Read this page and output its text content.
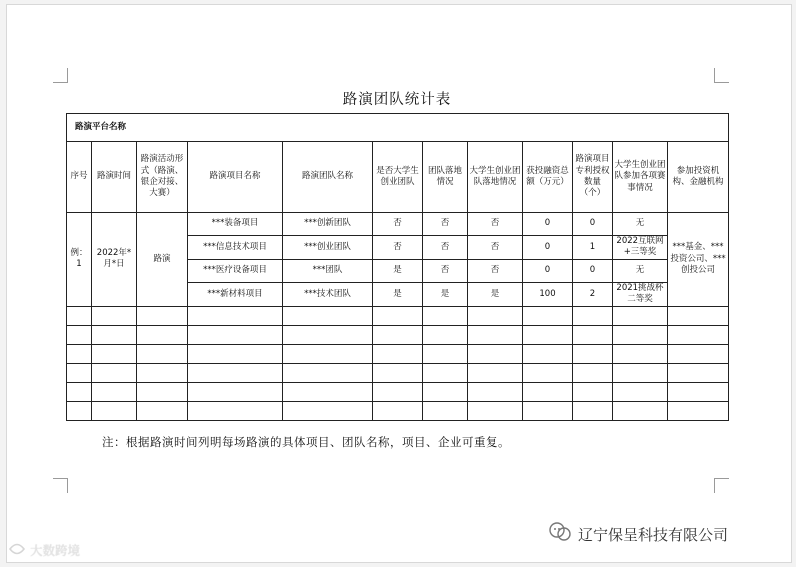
路演团队统计表
路演平台名称											
序号	路演时间	路演活动形式（路演、银企对接、大赛）	路演项目名称	路演团队名称	是否大学生创业团队	团队落地情况	大学生创业团队落地情况	获投融资总额（万元）	路演项目专利授权数量（个）	大学生创业团队参加各项赛事情况	参加投资机构、金融机构
例：1	2022年*月*日	路演	***装备项目	***创新团队	否	否	否	0	0	无	***基金、***投资公司、***创投公司
			***信息技术项目	***创业团队	否	否	否	0	1	2022互联网+三等奖	
			***医疗设备项目	***团队	是	否	否	0	0	无	
			***新材料项目	***技术团队	是	是	是	100	2	2021挑战杯二等奖	

注：根据路演时间列明每场路演的具体项目、团队名称，项目、企业可重复。
大数跨境
辽宁保呈科技有限公司
